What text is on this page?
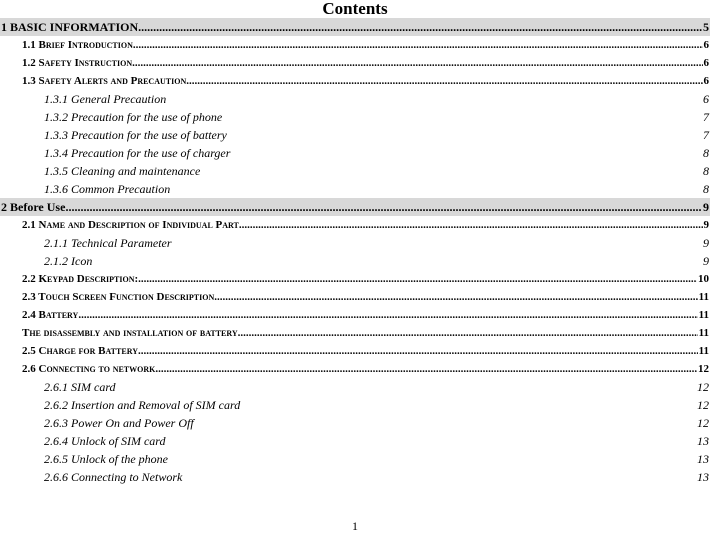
Contents
1 BASIC INFORMATION .....	5
1.1 Brief Introduction .....	6
1.2 Safety Instruction .....	6
1.3 Safety Alerts and Precaution .....	6
1.3.1 General Precaution	6
1.3.2 Precaution for the use of phone	7
1.3.3 Precaution for the use of battery	7
1.3.4 Precaution for the use of charger	8
1.3.5 Cleaning and maintenance	8
1.3.6 Common Precaution	8
2 Before Use .....	9
2.1 Name and Description of Individual Part .....	9
2.1.1 Technical Parameter	9
2.1.2 Icon	9
2.2 Keypad Description: .....	10
2.3 Touch Screen Function Description .....	11
2.4 Battery .....	11
The disassembly and installation of battery .....	11
2.5 Charge for Battery .....	11
2.6 Connecting to network .....	12
2.6.1 SIM card	12
2.6.2 Insertion and Removal of SIM card	12
2.6.3 Power On and Power Off	12
2.6.4 Unlock of SIM card	13
2.6.5 Unlock of the phone	13
2.6.6 Connecting to Network	13
1
